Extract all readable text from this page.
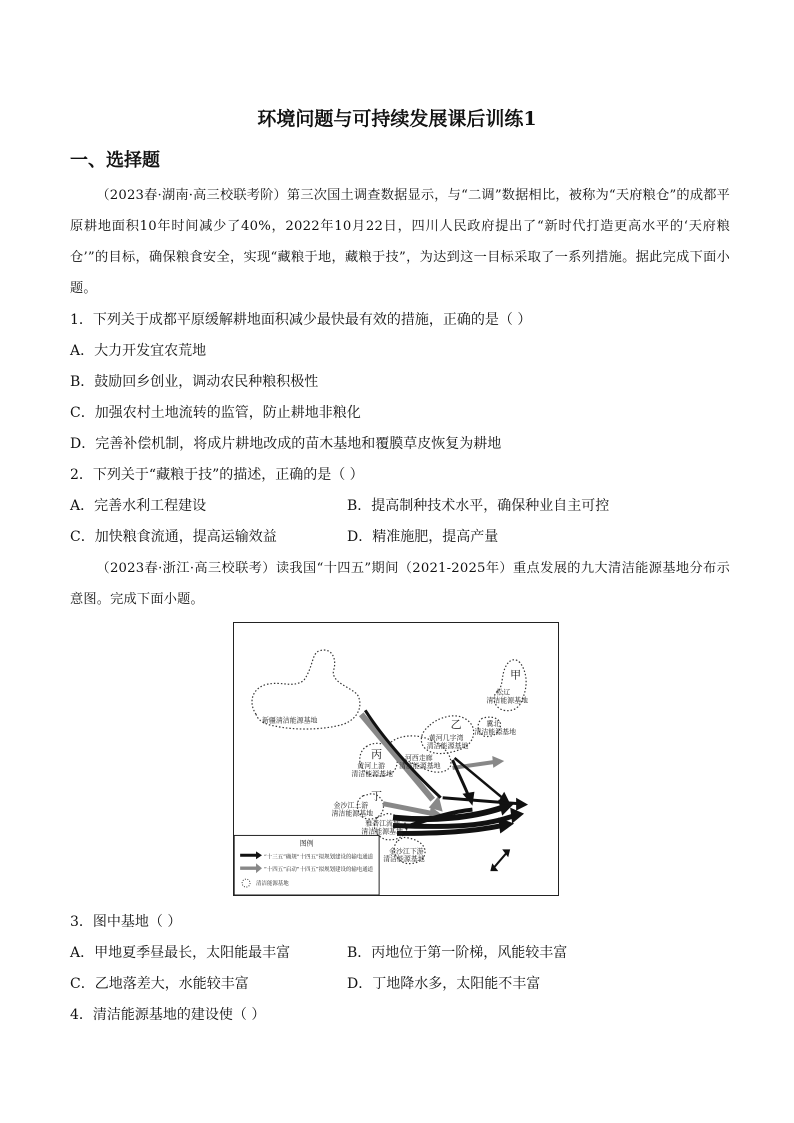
环境问题与可持续发展课后训练1
一、选择题
（2023春·湖南·高三校联考阶）第三次国土调查数据显示，与“二调”数据相比，被称为“天府粮仓”的成都平原耕地面积10年时间减少了40%，2022年10月22日，四川人民政府提出了“新时代打造更高水平的‘天府粮仓’”的目标，确保粮食安全，实现“藏粮于地，藏粮于技”，为达到这一目标采取了一系列措施。据此完成下面小题。
1．下列关于成都平原缓解耕地面积减少最快最有效的措施，正确的是（ ）
A．大力开发宜农荒地
B．鼓励回乡创业，调动农民种粮积极性
C．加强农村土地流转的监管，防止耕地非粮化
D．完善补偿机制，将成片耕地改成的苗木基地和覆膜草皮恢复为耕地
2．下列关于“藏粮于技”的描述，正确的是（ ）
A．完善水利工程建设	B．提高制种技术水平，确保种业自主可控
C．加快粮食流通，提高运输效益	D．精准施肥，提高产量
（2023春·浙江·高三校联考）读我国“十四五”期间（2021-2025年）重点发展的九大清洁能源基地分布示意图。完成下面小题。
甲
松辽
清洁能源基地
新疆清洁能源基地	乙	冀北
清洁能源基地
黄河几字湾
清洁能源基地
河西走廊
清洁能源基地
丙
黄河上游
清洁能源基地
丁
金沙江上游
清洁能源基地
雅砻江流域
清洁能源基地
金沙江下游
清洁能源基地
图例
“十三五”确规“十四五”拟规划建设的输电通道
“十四五”启动“十四五”拟规划建设的输电通道
清洁能源基地
3．图中基地（ ）
A．甲地夏季昼最长，太阳能最丰富	B．丙地位于第一阶梯，风能较丰富
C．乙地落差大，水能较丰富	D．丁地降水多，太阳能不丰富
4．清洁能源基地的建设使（ ）
